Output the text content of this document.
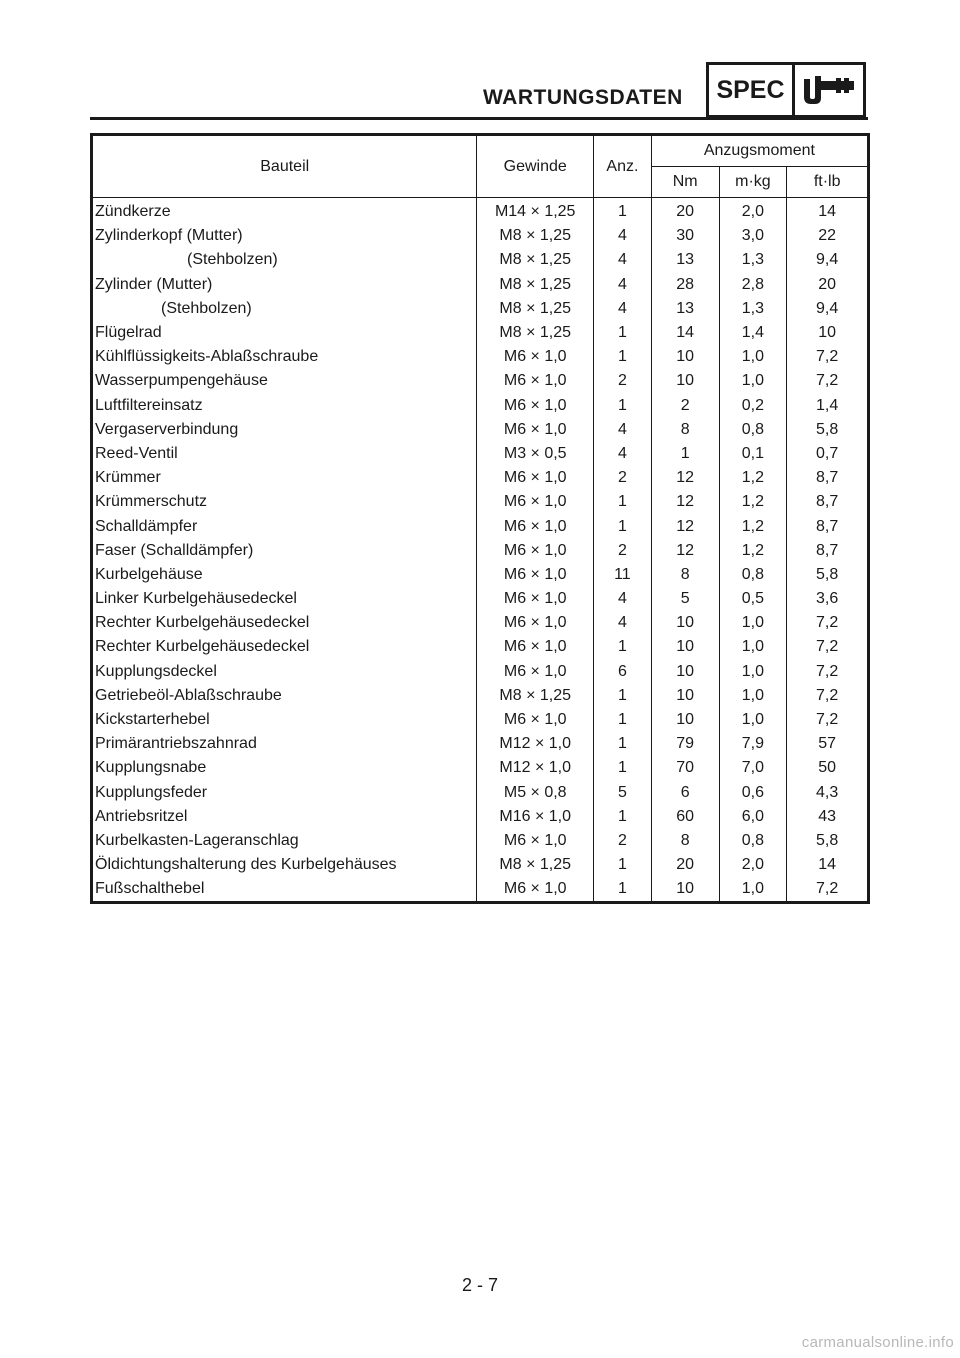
WARTUNGSDATEN SPEC
Bauteil	Gewinde	Anz.	Anzugsmoment		
			Nm	m·kg	ft·lb
Zündkerze	M14 × 1,25	1	20	2,0	14
Zylinderkopf (Mutter)	M8 × 1,25	4	30	3,0	22
(Stehbolzen)	M8 × 1,25	4	13	1,3	9,4
Zylinder (Mutter)	M8 × 1,25	4	28	2,8	20
(Stehbolzen)	M8 × 1,25	4	13	1,3	9,4
Flügelrad	M8 × 1,25	1	14	1,4	10
Kühlflüssigkeits-Ablaßschraube	M6 × 1,0	1	10	1,0	7,2
Wasserpumpengehäuse	M6 × 1,0	2	10	1,0	7,2
Luftfiltereinsatz	M6 × 1,0	1	2	0,2	1,4
Vergaserverbindung	M6 × 1,0	4	8	0,8	5,8
Reed-Ventil	M3 × 0,5	4	1	0,1	0,7
Krümmer	M6 × 1,0	2	12	1,2	8,7
Krümmerschutz	M6 × 1,0	1	12	1,2	8,7
Schalldämpfer	M6 × 1,0	1	12	1,2	8,7
Faser (Schalldämpfer)	M6 × 1,0	2	12	1,2	8,7
Kurbelgehäuse	M6 × 1,0	11	8	0,8	5,8
Linker Kurbelgehäusedeckel	M6 × 1,0	4	5	0,5	3,6
Rechter Kurbelgehäusedeckel	M6 × 1,0	4	10	1,0	7,2
Rechter Kurbelgehäusedeckel	M6 × 1,0	1	10	1,0	7,2
Kupplungsdeckel	M6 × 1,0	6	10	1,0	7,2
Getriebeöl-Ablaßschraube	M8 × 1,25	1	10	1,0	7,2
Kickstarterhebel	M6 × 1,0	1	10	1,0	7,2
Primärantriebszahnrad	M12 × 1,0	1	79	7,9	57
Kupplungsnabe	M12 × 1,0	1	70	7,0	50
Kupplungsfeder	M5 × 0,8	5	6	0,6	4,3
Antriebsritzel	M16 × 1,0	1	60	6,0	43
Kurbelkasten-Lageranschlag	M6 × 1,0	2	8	0,8	5,8
Öldichtungshalterung des Kurbelgehäuses	M8 × 1,25	1	20	2,0	14
Fußschalthebel	M6 × 1,0	1	10	1,0	7,2
2 - 7
carmanualsonline.info
